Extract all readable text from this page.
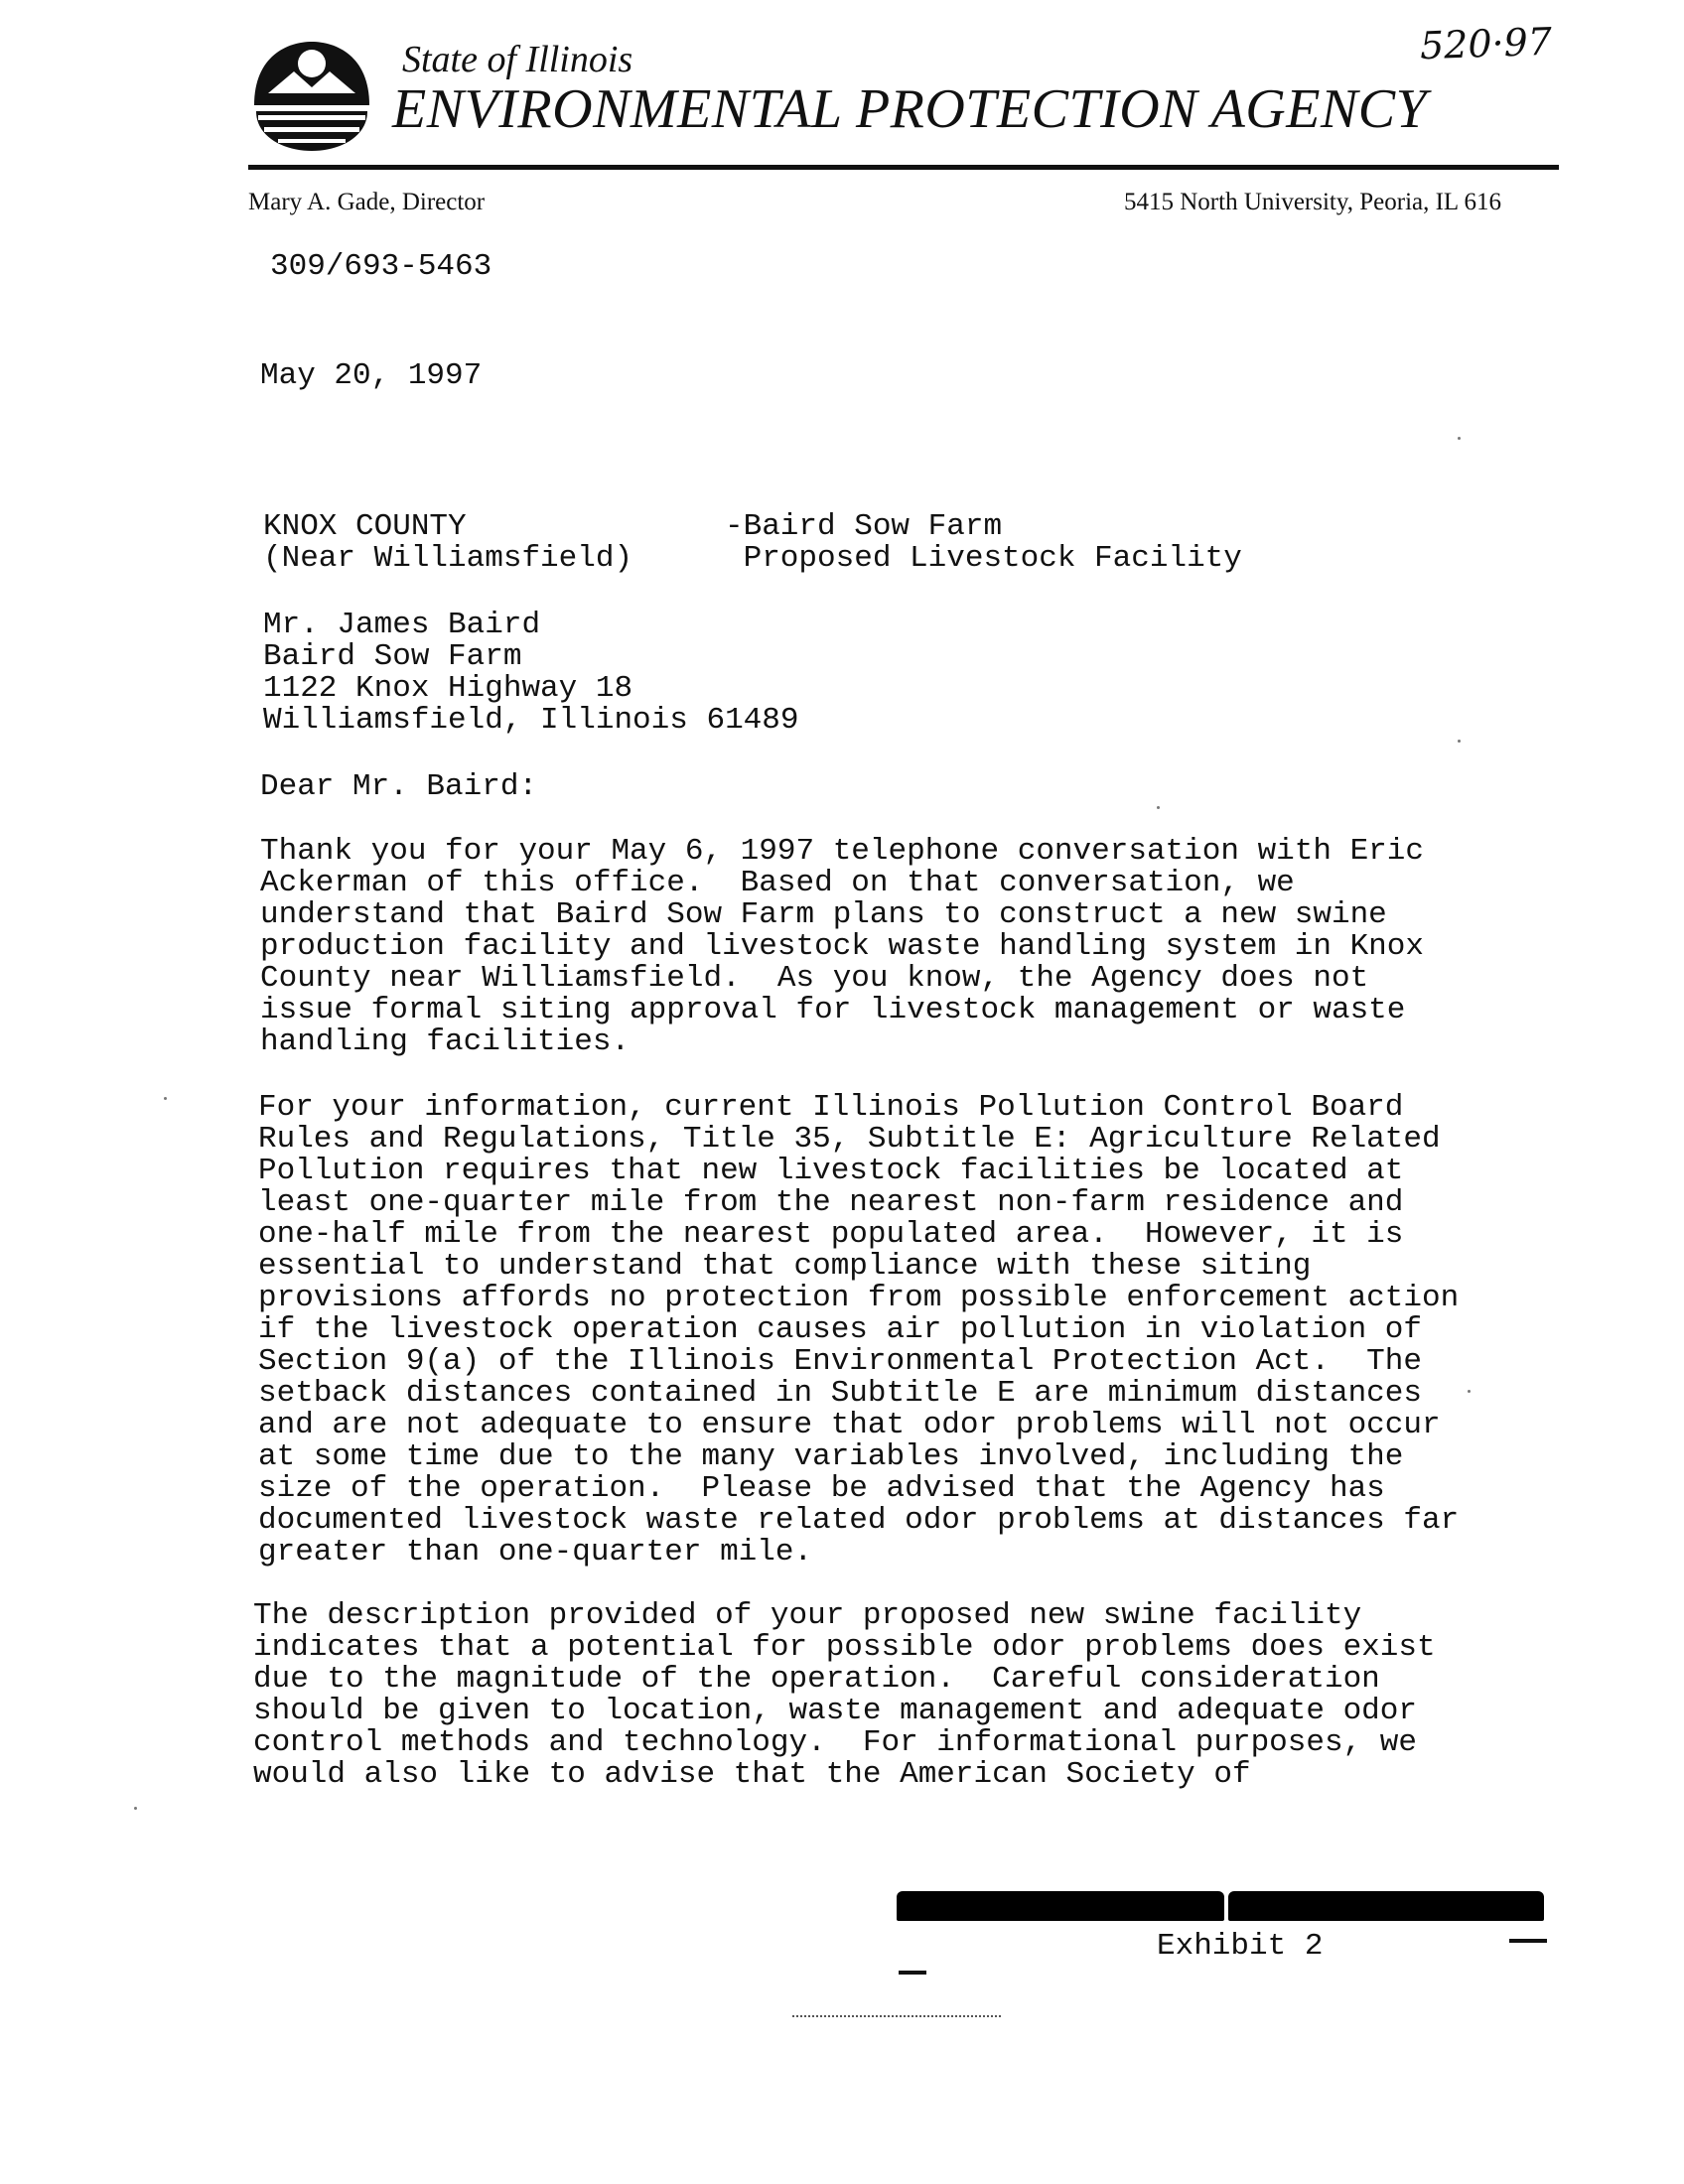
State of Illinois
ENVIRONMENTAL PROTECTION AGENCY
520·97
Mary A. Gade, Director	5415 North University, Peoria, IL 616
309/693-5463
May 20, 1997
KNOX COUNTY
(Near Williamsfield)
-Baird Sow Farm
Proposed Livestock Facility
Mr. James Baird
Baird Sow Farm
1122 Knox Highway 18
Williamsfield, Illinois 61489
Dear Mr. Baird:
Thank you for your May 6, 1997 telephone conversation with Eric
Ackerman of this office.  Based on that conversation, we
understand that Baird Sow Farm plans to construct a new swine
production facility and livestock waste handling system in Knox
County near Williamsfield.  As you know, the Agency does not
issue formal siting approval for livestock management or waste
handling facilities.
For your information, current Illinois Pollution Control Board
Rules and Regulations, Title 35, Subtitle E: Agriculture Related
Pollution requires that new livestock facilities be located at
least one-quarter mile from the nearest non-farm residence and
one-half mile from the nearest populated area.  However, it is
essential to understand that compliance with these siting
provisions affords no protection from possible enforcement action
if the livestock operation causes air pollution in violation of
Section 9(a) of the Illinois Environmental Protection Act.  The
setback distances contained in Subtitle E are minimum distances
and are not adequate to ensure that odor problems will not occur
at some time due to the many variables involved, including the
size of the operation.  Please be advised that the Agency has
documented livestock waste related odor problems at distances far
greater than one-quarter mile.
The description provided of your proposed new swine facility
indicates that a potential for possible odor problems does exist
due to the magnitude of the operation.  Careful consideration
should be given to location, waste management and adequate odor
control methods and technology.  For informational purposes, we
would also like to advise that the American Society of
Exhibit 2
